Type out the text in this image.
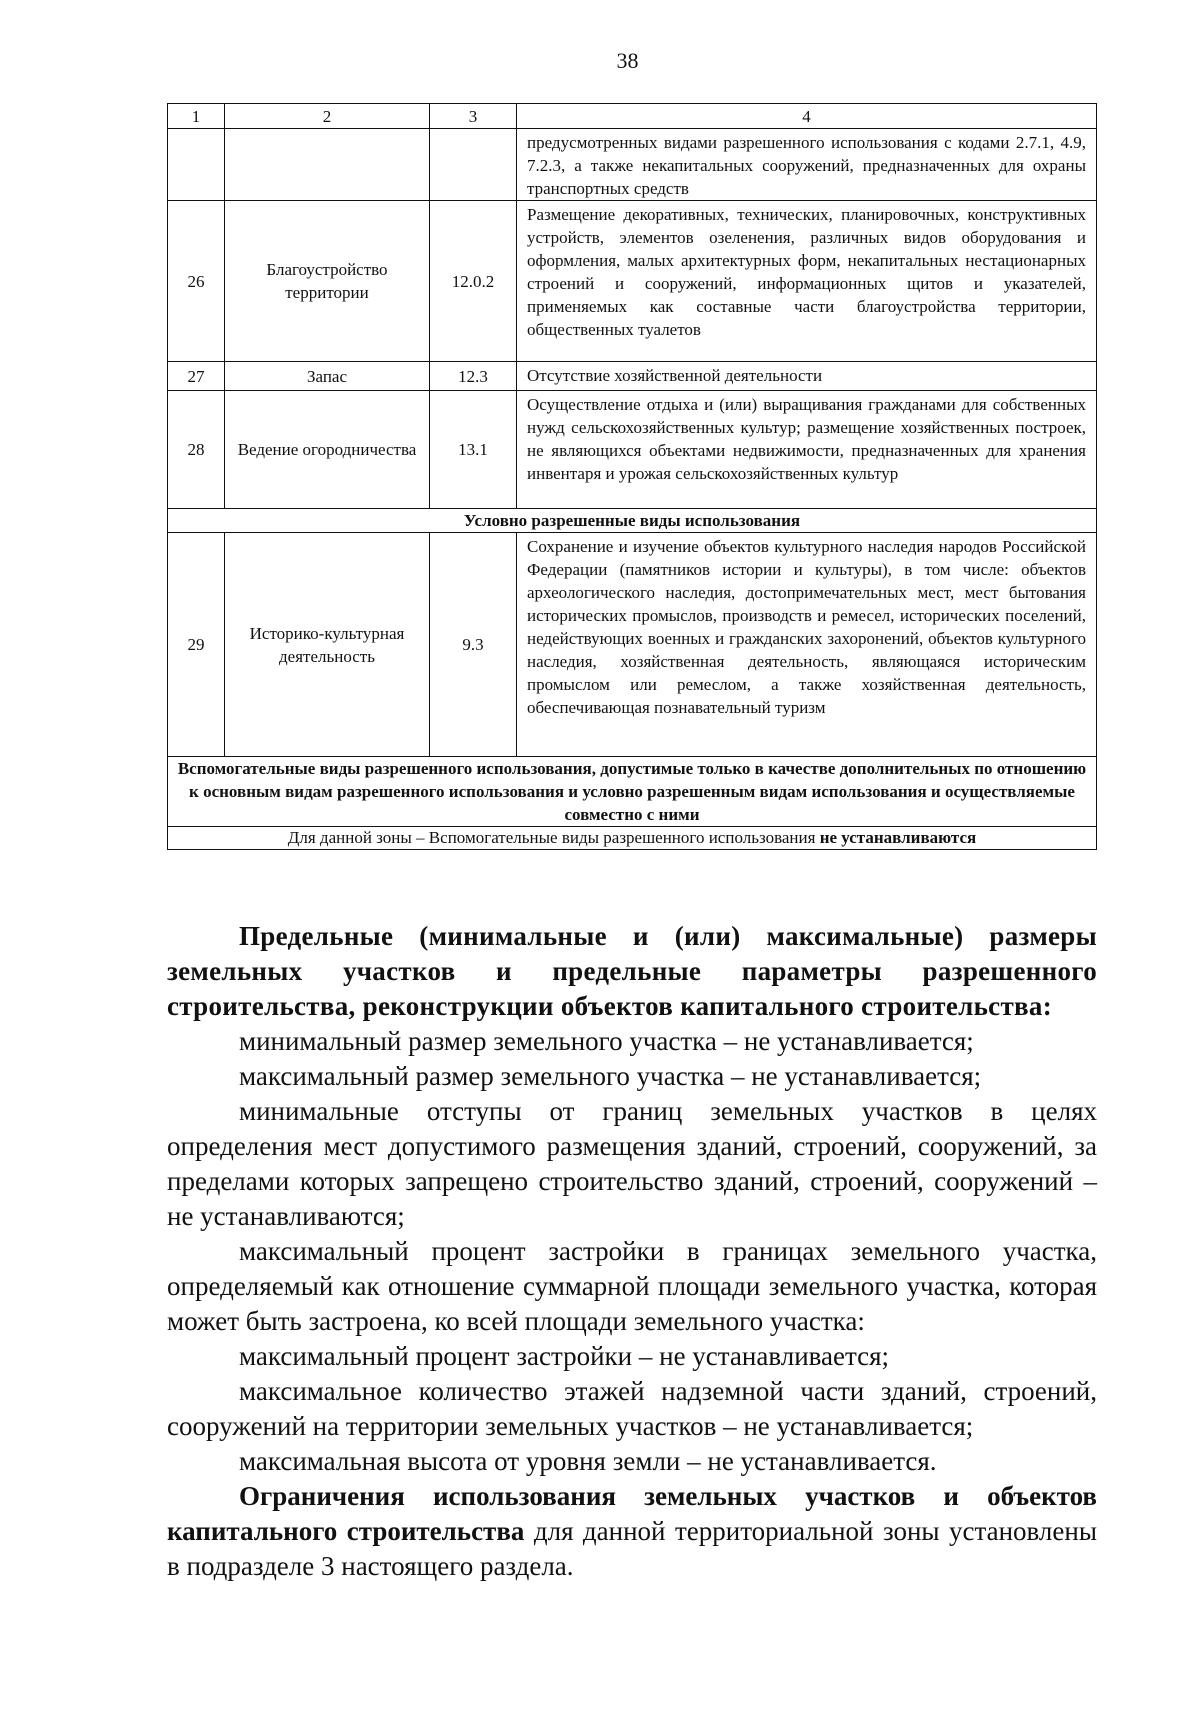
38
1	2	3	4
			предусмотренных видами разрешенного использования с кодами 2.7.1, 4.9, 7.2.3, а также некапитальных сооружений, предназначенных для охраны транспортных средств
26	Благоустройство территории	12.0.2	Размещение декоративных, технических, планировочных, конструктивных устройств, элементов озеленения, различных видов оборудования и оформления, малых архитектурных форм, некапитальных нестационарных строений и сооружений, информационных щитов и указателей, применяемых как составные части благоустройства территории, общественных туалетов
27	Запас	12.3	Отсутствие хозяйственной деятельности
28	Ведение огородничества	13.1	Осуществление отдыха и (или) выращивания гражданами для собственных нужд сельскохозяйственных культур; размещение хозяйственных построек, не являющихся объектами недвижимости, предназначенных для хранения инвентаря и урожая сельскохозяйственных культур
Условно разрешенные виды использования			
29	Историко-культурная деятельность	9.3	Сохранение и изучение объектов культурного наследия народов Российской Федерации (памятников истории и культуры), в том числе: объектов археологического наследия, достопримечательных мест, мест бытования исторических промыслов, производств и ремесел, исторических поселений, недействующих военных и гражданских захоронений, объектов культурного наследия, хозяйственная деятельность, являющаяся историческим промыслом или ремеслом, а также хозяйственная деятельность, обеспечивающая познавательный туризм
Вспомогательные виды разрешенного использования, допустимые только в качестве дополнительных по отношению к основным видам разрешенного использования и условно разрешенным видам использования и осуществляемые совместно с ними			
Для данной зоны – Вспомогательные виды разрешенного использования не устанавливаются			

Предельные (минимальные и (или) максимальные) размеры земельных участков и предельные параметры разрешенного строительства, реконструкции объектов капитального строительства:

минимальный размер земельного участка – не устанавливается;

максимальный размер земельного участка – не устанавливается;

минимальные отступы от границ земельных участков в целях определения мест допустимого размещения зданий, строений, сооружений, за пределами которых запрещено строительство зданий, строений, сооружений – не устанавливаются;

максимальный процент застройки в границах земельного участка, определяемый как отношение суммарной площади земельного участка, которая может быть застроена, ко всей площади земельного участка:

максимальный процент застройки – не устанавливается;

максимальное количество этажей надземной части зданий, строений, сооружений на территории земельных участков – не устанавливается;

максимальная высота от уровня земли – не устанавливается.

Ограничения использования земельных участков и объектов капитального строительства для данной территориальной зоны установлены в подразделе 3 настоящего раздела.
